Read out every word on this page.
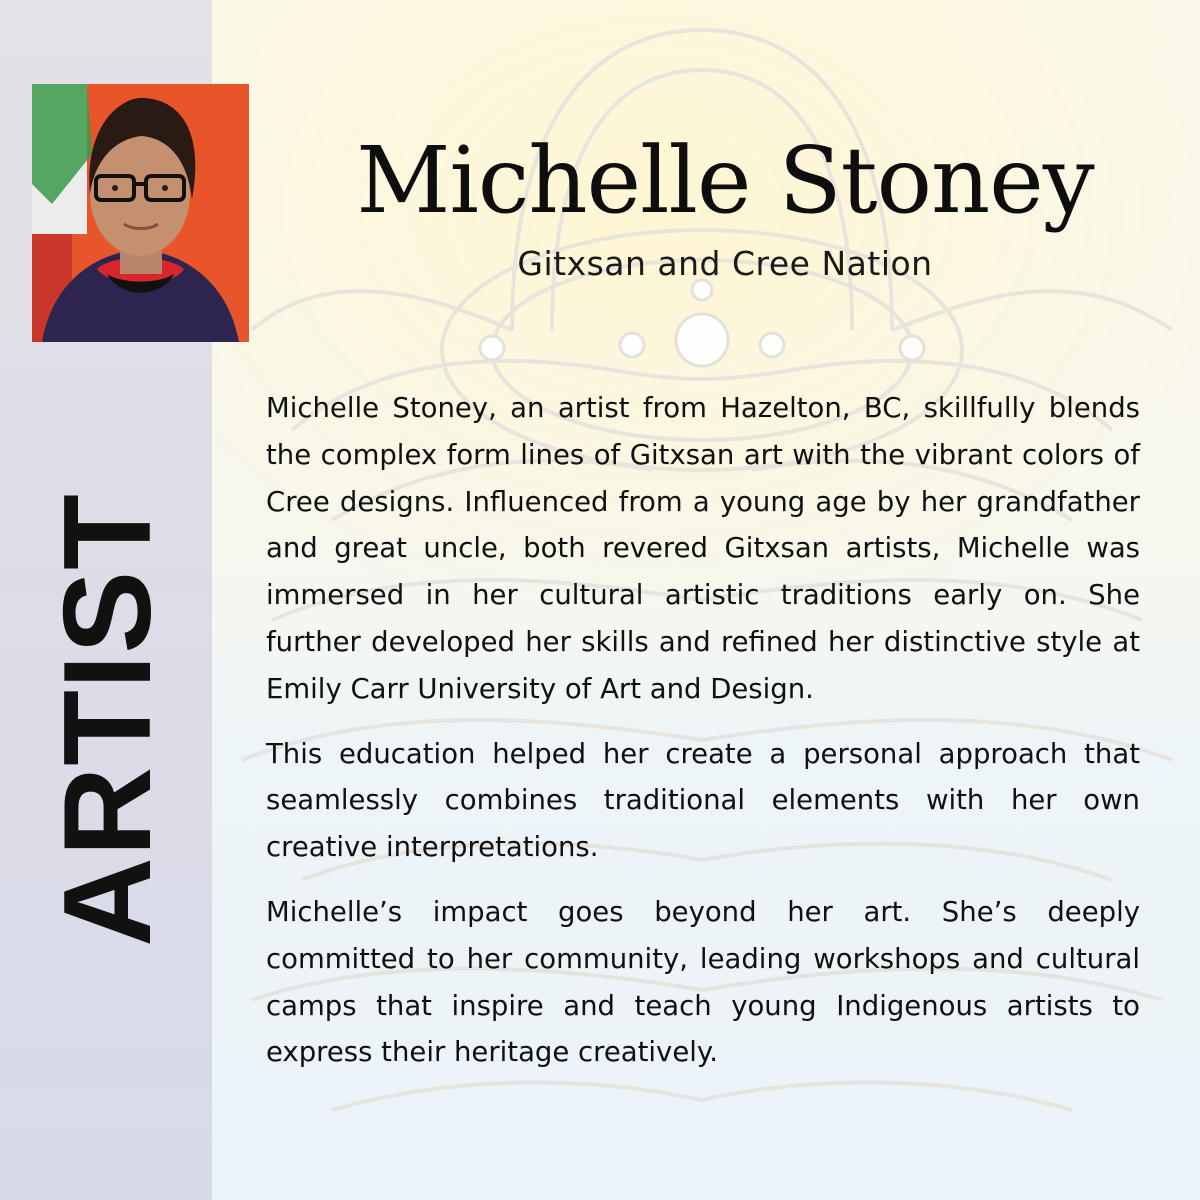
ARTIST
Michelle Stoney
Gitxsan and Cree Nation

Michelle Stoney, an artist from Hazelton, BC, skillfully blends the complex form lines of Gitxsan art with the vibrant colors of Cree designs. Influenced from a young age by her grandfather and great uncle, both revered Gitxsan artists, Michelle was immersed in her cultural artistic traditions early on. She further developed her skills and refined her distinctive style at Emily Carr University of Art and Design.

This education helped her create a personal approach that seamlessly combines traditional elements with her own creative interpretations.

Michelle’s impact goes beyond her art. She’s deeply committed to her community, leading workshops and cultural camps that inspire and teach young Indigenous artists to express their heritage creatively.
